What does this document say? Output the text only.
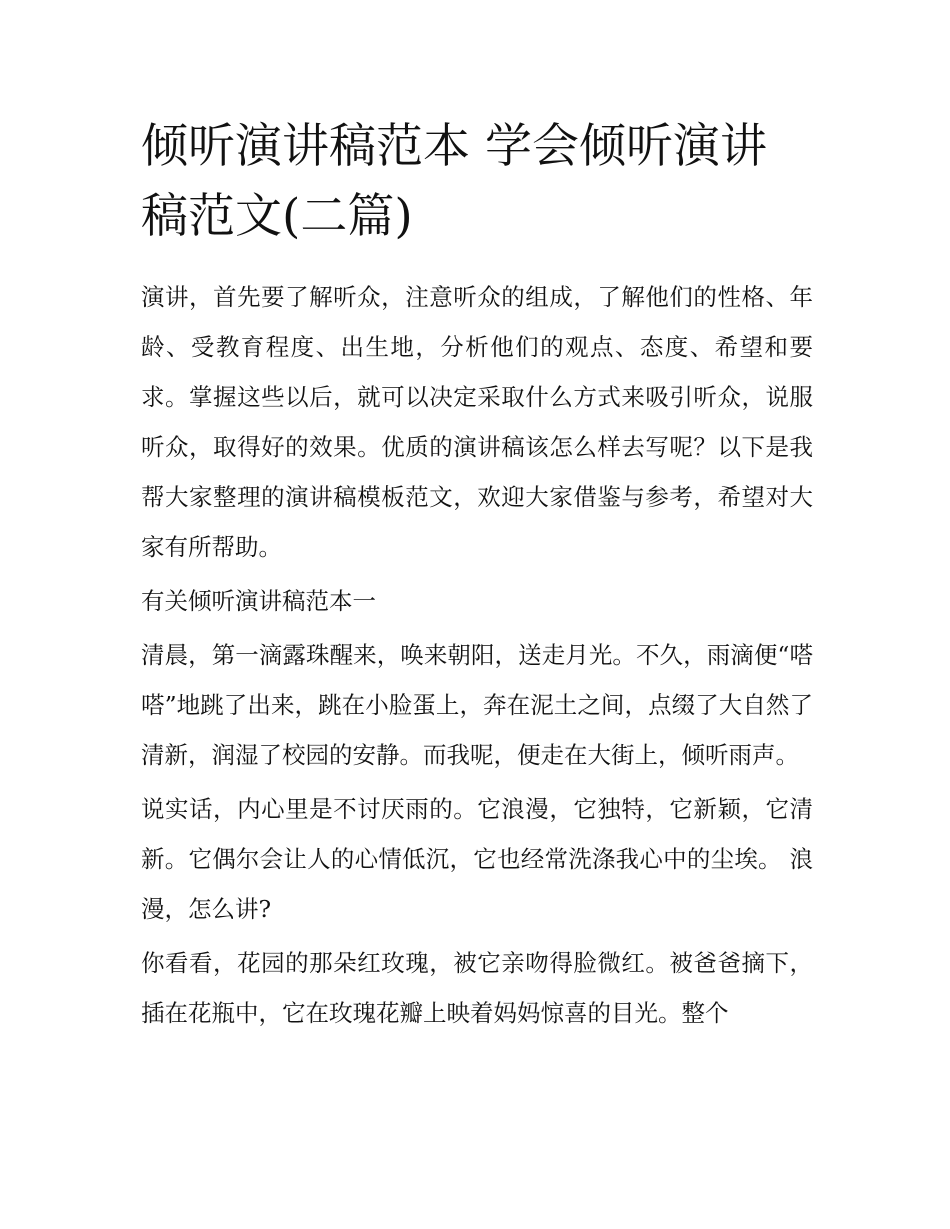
倾听演讲稿范本 学会倾听演讲稿范文(二篇)

演讲，首先要了解听众，注意听众的组成，了解他们的性格、年龄、受教育程度、出生地，分析他们的观点、态度、希望和要求。掌握这些以后，就可以决定采取什么方式来吸引听众，说服听众，取得好的效果。优质的演讲稿该怎么样去写呢？以下是我帮大家整理的演讲稿模板范文，欢迎大家借鉴与参考，希望对大家有所帮助。

有关倾听演讲稿范本一

清晨，第一滴露珠醒来，唤来朝阳，送走月光。不久，雨滴便“嗒嗒”地跳了出来，跳在小脸蛋上，奔在泥土之间，点缀了大自然了清新，润湿了校园的安静。而我呢，便走在大街上，倾听雨声。

说实话，内心里是不讨厌雨的。它浪漫，它独特，它新颖，它清新。它偶尔会让人的心情低沉，它也经常洗涤我心中的尘埃。 浪漫，怎么讲?

你看看，花园的那朵红玫瑰，被它亲吻得脸微红。被爸爸摘下，插在花瓶中，它在玫瑰花瓣上映着妈妈惊喜的目光。整个
